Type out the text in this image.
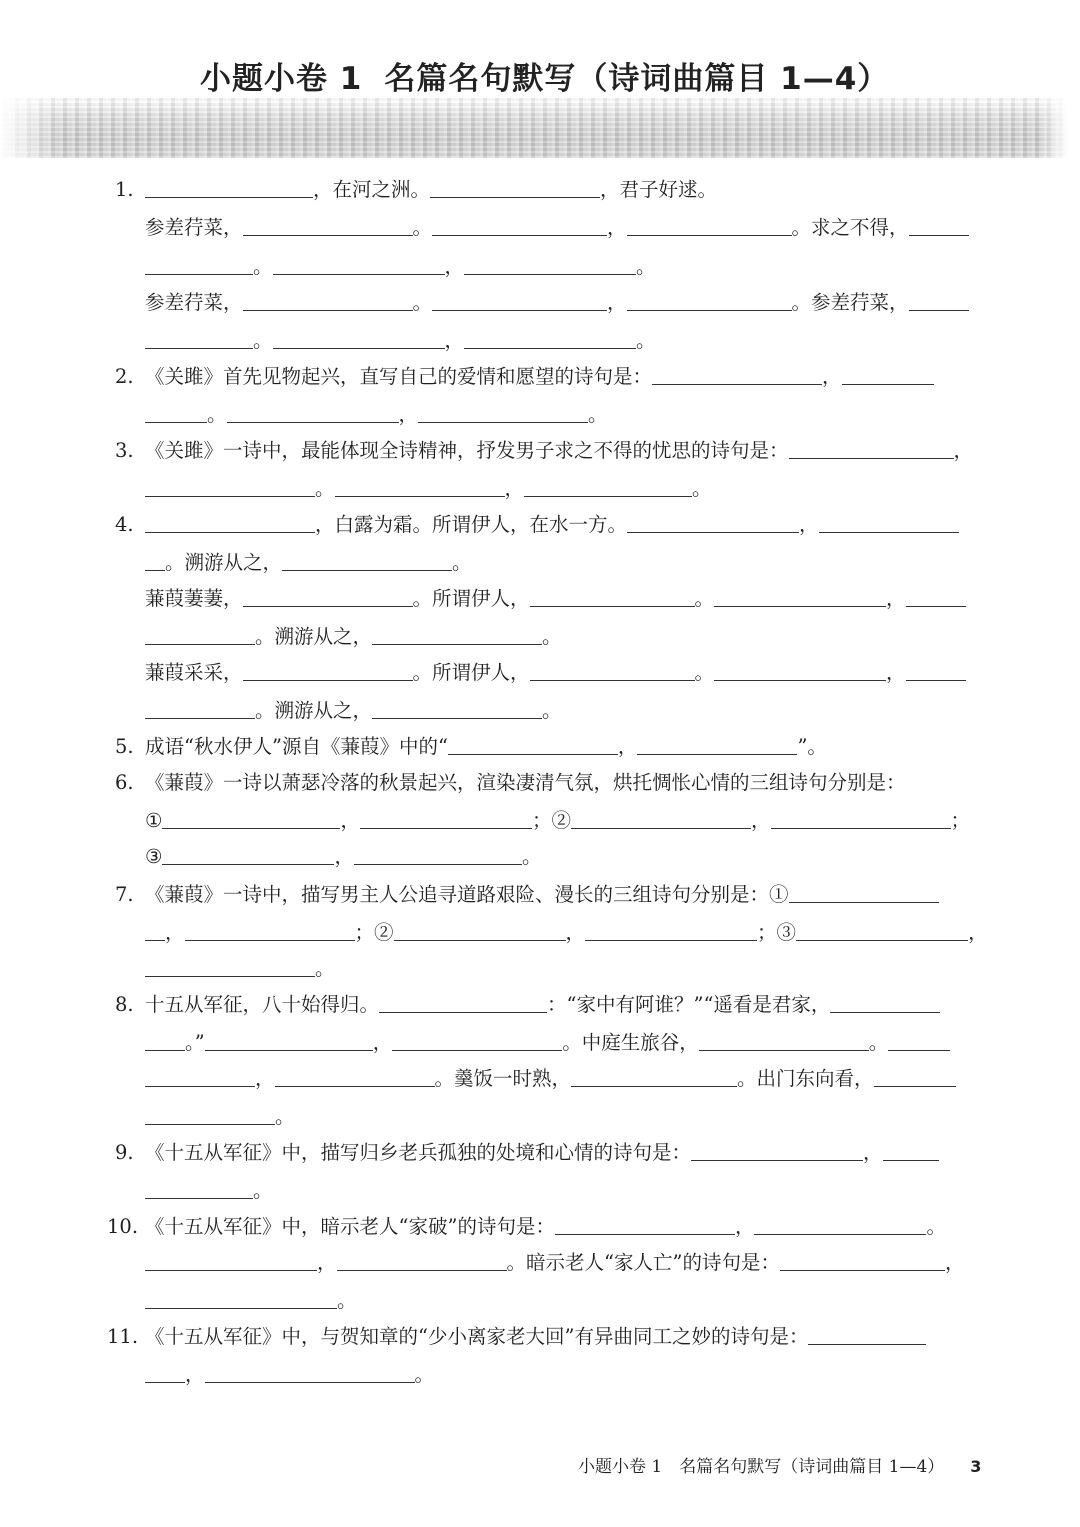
小题小卷 1 名篇名句默写（诗词曲篇目 1—4）
1.	，在河之洲。	，君子好逑。
参差荇菜，	。	，	。求之不得，
。	，	。
参差荇菜，	。	，	。参差荇菜，
。	，	。
2. 《关雎》首先见物起兴，直写自己的爱情和愿望的诗句是：	，
。	，	。
3. 《关雎》一诗中，最能体现全诗精神，抒发男子求之不得的忧思的诗句是：	，
。	，	。
4.	，白露为霜。所谓伊人，在水一方。	，
。溯游从之，	。
蒹葭萋萋，	。所谓伊人，	。	，
。溯游从之，	。
蒹葭采采，	。所谓伊人，	。	，
。溯游从之，	。
5. 成语“秋水伊人”源自《蒹葭》中的“	，	”。
6. 《蒹葭》一诗以萧瑟冷落的秋景起兴，渲染凄清气氛，烘托惆怅心情的三组诗句分别是：
①	，	；②	，	；
③	，	。
7. 《蒹葭》一诗中，描写男主人公追寻道路艰险、漫长的三组诗句分别是：①
，	；②	，	；③	，
。
8. 十五从军征，八十始得归。	：“家中有阿谁？”“遥看是君家，
。”	，	。中庭生旅谷，	。
，	。羹饭一时熟，	。出门东向看，
。
9. 《十五从军征》中，描写归乡老兵孤独的处境和心情的诗句是：	，
。
10. 《十五从军征》中，暗示老人“家破”的诗句是：	，	。
，	。暗示老人“家人亡”的诗句是：	，
。
11. 《十五从军征》中，与贺知章的“少小离家老大回”有异曲同工之妙的诗句是：
，	。
小题小卷 1　名篇名句默写（诗词曲篇目 1—4） 3
